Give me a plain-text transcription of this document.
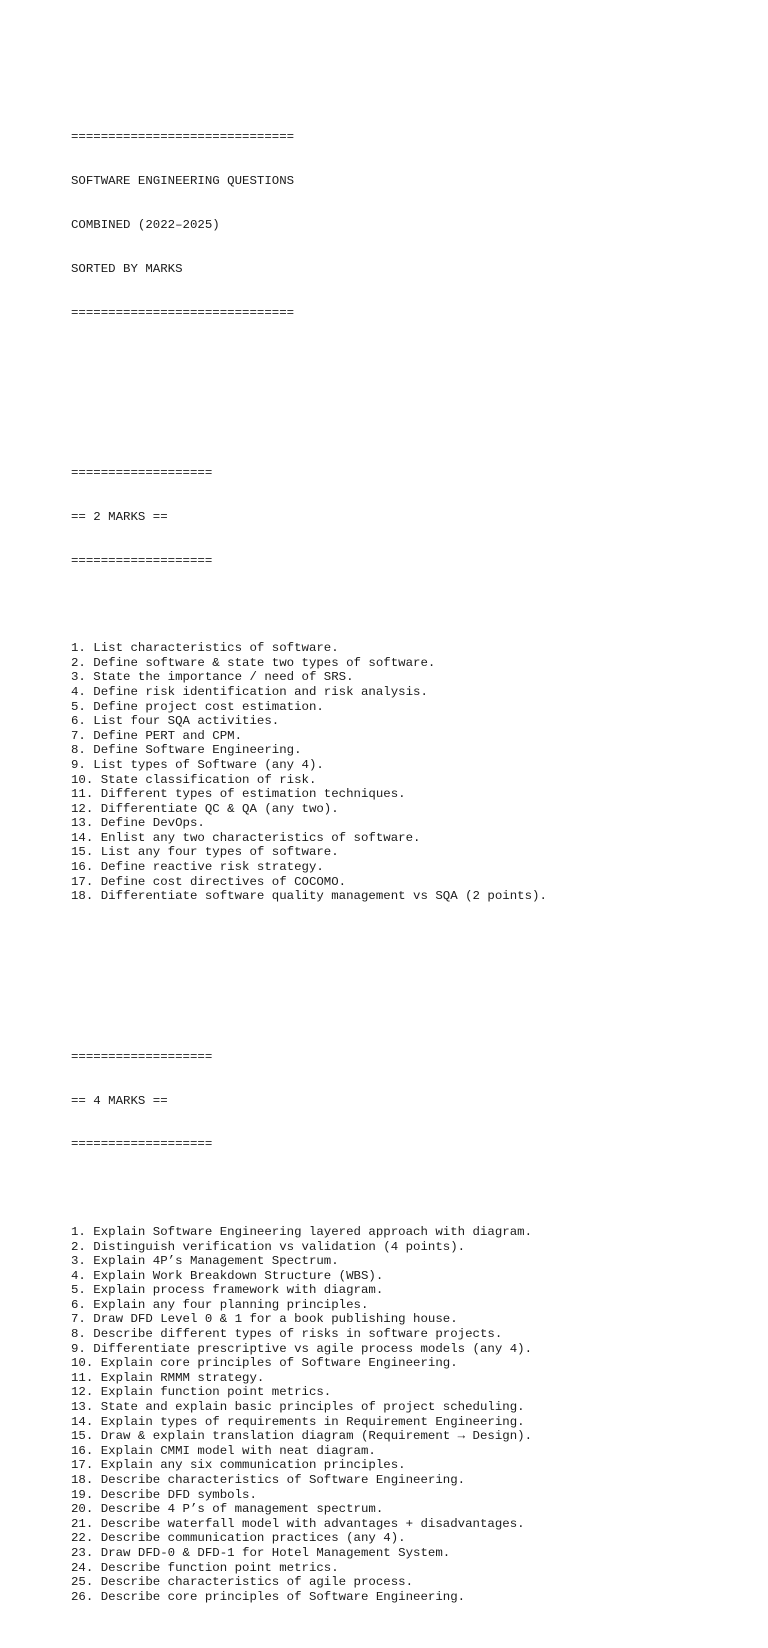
==============================

SOFTWARE ENGINEERING QUESTIONS

COMBINED (2022–2025)

SORTED BY MARKS

==============================

===================

== 2 MARKS ==

===================

1. List characteristics of software.
2. Define software & state two types of software.
3. State the importance / need of SRS.
4. Define risk identification and risk analysis.
5. Define project cost estimation.
6. List four SQA activities.
7. Define PERT and CPM.
8. Define Software Engineering.
9. List types of Software (any 4).
10. State classification of risk.
11. Different types of estimation techniques.
12. Differentiate QC & QA (any two).
13. Define DevOps.
14. Enlist any two characteristics of software.
15. List any four types of software.
16. Define reactive risk strategy.
17. Define cost directives of COCOMO.
18. Differentiate software quality management vs SQA (2 points).

===================

== 4 MARKS ==

===================

1. Explain Software Engineering layered approach with diagram.
2. Distinguish verification vs validation (4 points).
3. Explain 4P’s Management Spectrum.
4. Explain Work Breakdown Structure (WBS).
5. Explain process framework with diagram.
6. Explain any four planning principles.
7. Draw DFD Level 0 & 1 for a book publishing house.
8. Describe different types of risks in software projects.
9. Differentiate prescriptive vs agile process models (any 4).
10. Explain core principles of Software Engineering.
11. Explain RMMM strategy.
12. Explain function point metrics.
13. State and explain basic principles of project scheduling.
14. Explain types of requirements in Requirement Engineering.
15. Draw & explain translation diagram (Requirement → Design).
16. Explain CMMI model with neat diagram.
17. Explain any six communication principles.
18. Describe characteristics of Software Engineering.
19. Describe DFD symbols.
20. Describe 4 P’s of management spectrum.
21. Describe waterfall model with advantages + disadvantages.
22. Describe communication practices (any 4).
23. Draw DFD-0 & DFD-1 for Hotel Management System.
24. Describe function point metrics.
25. Describe characteristics of agile process.
26. Describe core principles of Software Engineering.
